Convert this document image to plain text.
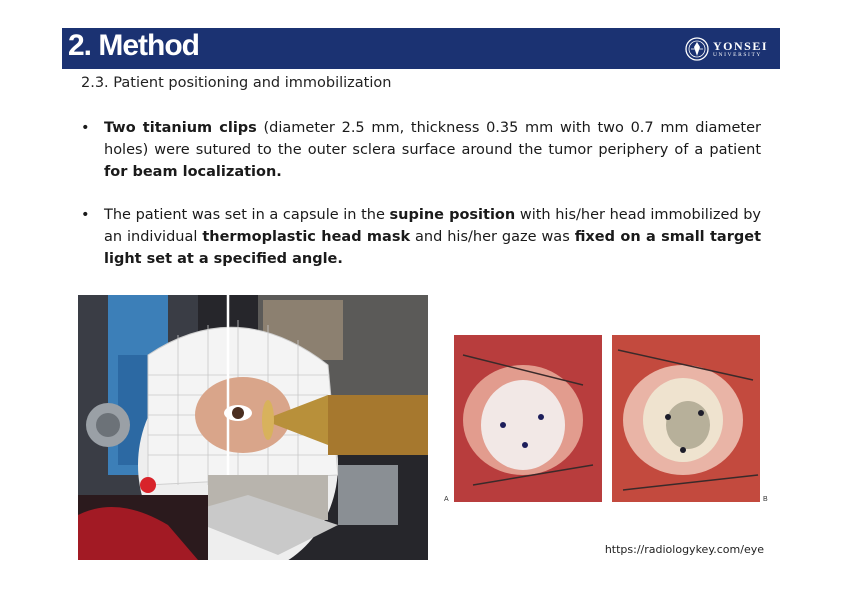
2. Method	YONSEI
UNIVERSITY
2.3. Patient positioning and immobilization
• Two titanium clips (diameter 2.5 mm, thickness 0.35 mm with two 0.7 mm diameter holes) were sutured to the outer sclera surface around the tumor periphery of a patient for beam localization.
• The patient was set in a capsule in the supine position with his/her head immobilized by an individual thermoplastic head mask and his/her gaze was fixed on a small target light set at a specified angle.
A	B
https://radiologykey.com/eye
